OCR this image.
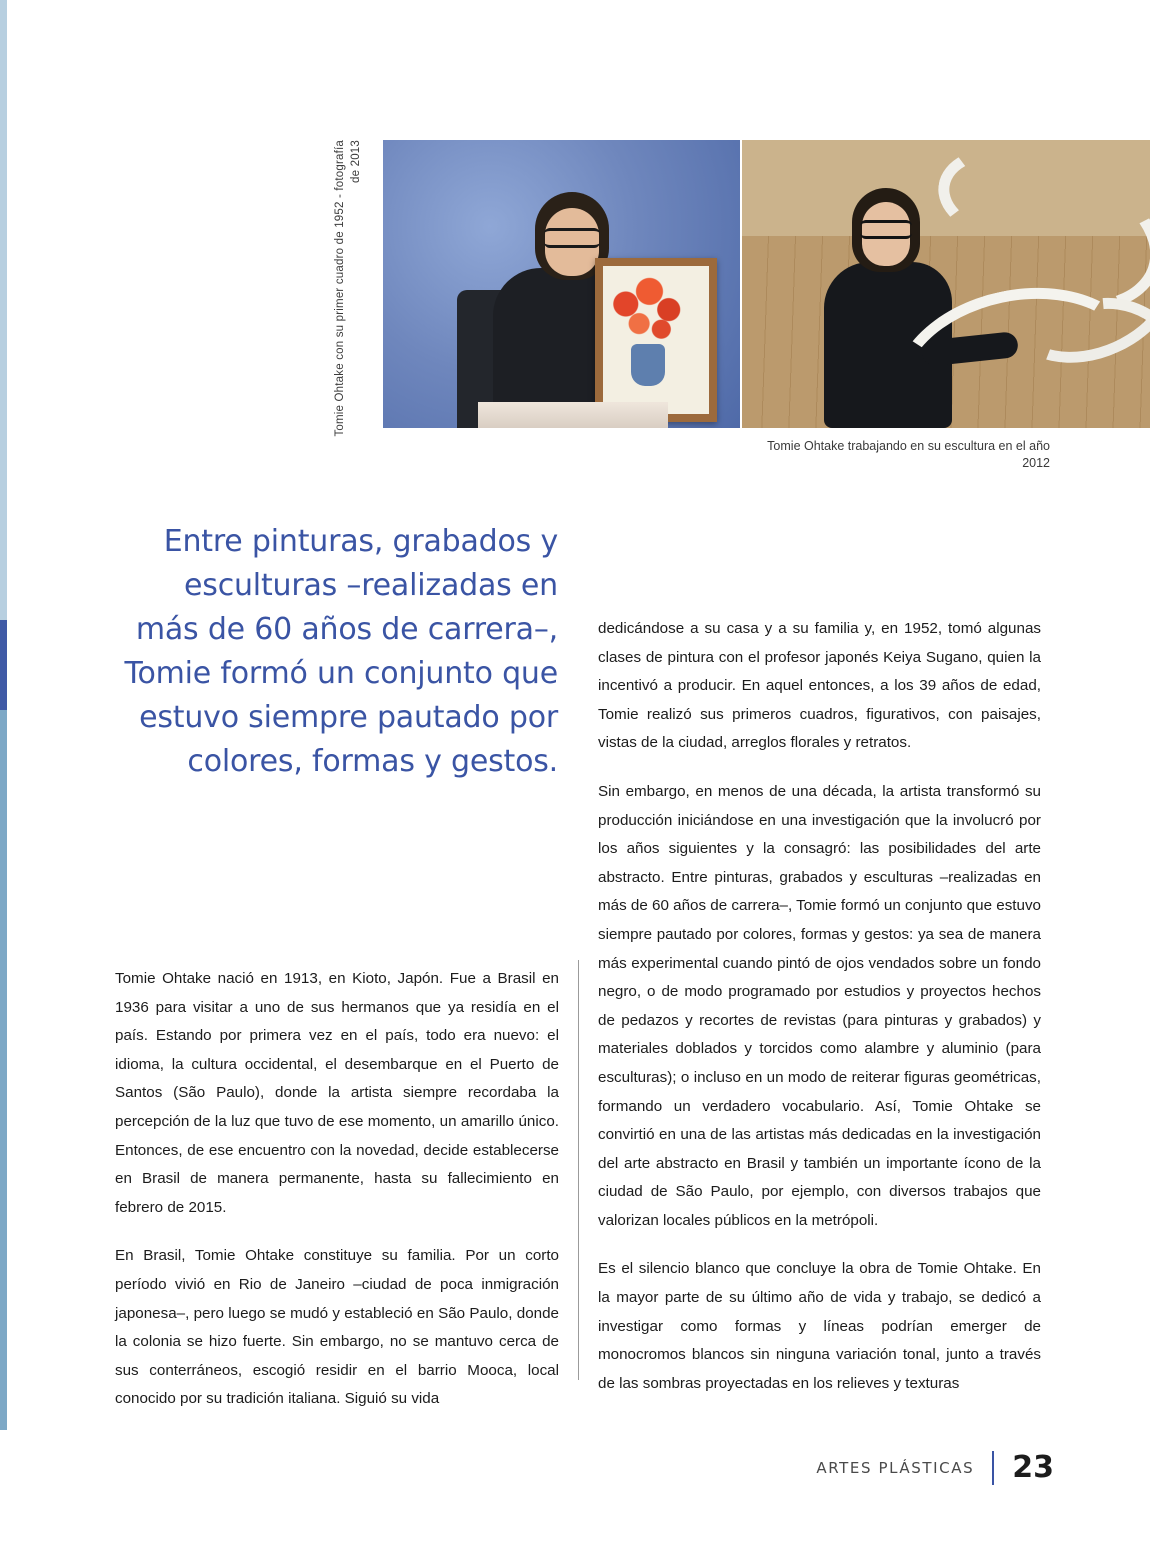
Tomie Ohtake con su primer cuadro de 1952 - fotografía de 2013
Tomie Ohtake trabajando en su escultura en el año 2012
Entre pinturas, grabados y esculturas –realizadas en más de 60 años de carrera–, Tomie formó un conjunto que estuvo siempre pautado por colores, formas y gestos.

Tomie Ohtake nació en 1913, en Kioto, Japón. Fue a Brasil en 1936 para visitar a uno de sus hermanos que ya residía en el país. Estando por primera vez en el país, todo era nuevo: el idioma, la cultura occidental, el desembarque en el Puerto de Santos (São Paulo), donde la artista siempre recordaba la percepción de la luz que tuvo de ese momento, un amarillo único. Entonces, de ese encuentro con la novedad, decide establecerse en Brasil de manera permanente, hasta su fallecimiento en febrero de 2015.

En Brasil, Tomie Ohtake constituye su familia. Por un corto período vivió en Rio de Janeiro –ciudad de poca inmigración japonesa–, pero luego se mudó y estableció en São Paulo, donde la colonia se hizo fuerte. Sin embargo, no se mantuvo cerca de sus conterráneos, escogió residir en el barrio Mooca, local conocido por su tradición italiana. Siguió su vida

dedicándose a su casa y a su familia y, en 1952, tomó algunas clases de pintura con el profesor japonés Keiya Sugano, quien la incentivó a producir. En aquel entonces, a los 39 años de edad, Tomie realizó sus primeros cuadros, figurativos, con paisajes, vistas de la ciudad, arreglos florales y retratos.

Sin embargo, en menos de una década, la artista transformó su producción iniciándose en una investigación que la involucró por los años siguientes y la consagró: las posibilidades del arte abstracto. Entre pinturas, grabados y esculturas –realizadas en más de 60 años de carrera–, Tomie formó un conjunto que estuvo siempre pautado por colores, formas y gestos: ya sea de manera más experimental cuando pintó de ojos vendados sobre un fondo negro, o de modo programado por estudios y proyectos hechos de pedazos y recortes de revistas (para pinturas y grabados) y materiales doblados y torcidos como alambre y aluminio (para esculturas); o incluso en un modo de reiterar figuras geométricas, formando un verdadero vocabulario. Así, Tomie Ohtake se convirtió en una de las artistas más dedicadas en la investigación del arte abstracto en Brasil y también un importante ícono de la ciudad de São Paulo, por ejemplo, con diversos trabajos que valorizan locales públicos en la metrópoli.

Es el silencio blanco que concluye la obra de Tomie Ohtake. En la mayor parte de su último año de vida y trabajo, se dedicó a investigar como formas y líneas podrían emerger de monocromos blancos sin ninguna variación tonal, junto a través de las sombras proyectadas en los relieves y texturas

ARTES PLÁSTICAS 23
